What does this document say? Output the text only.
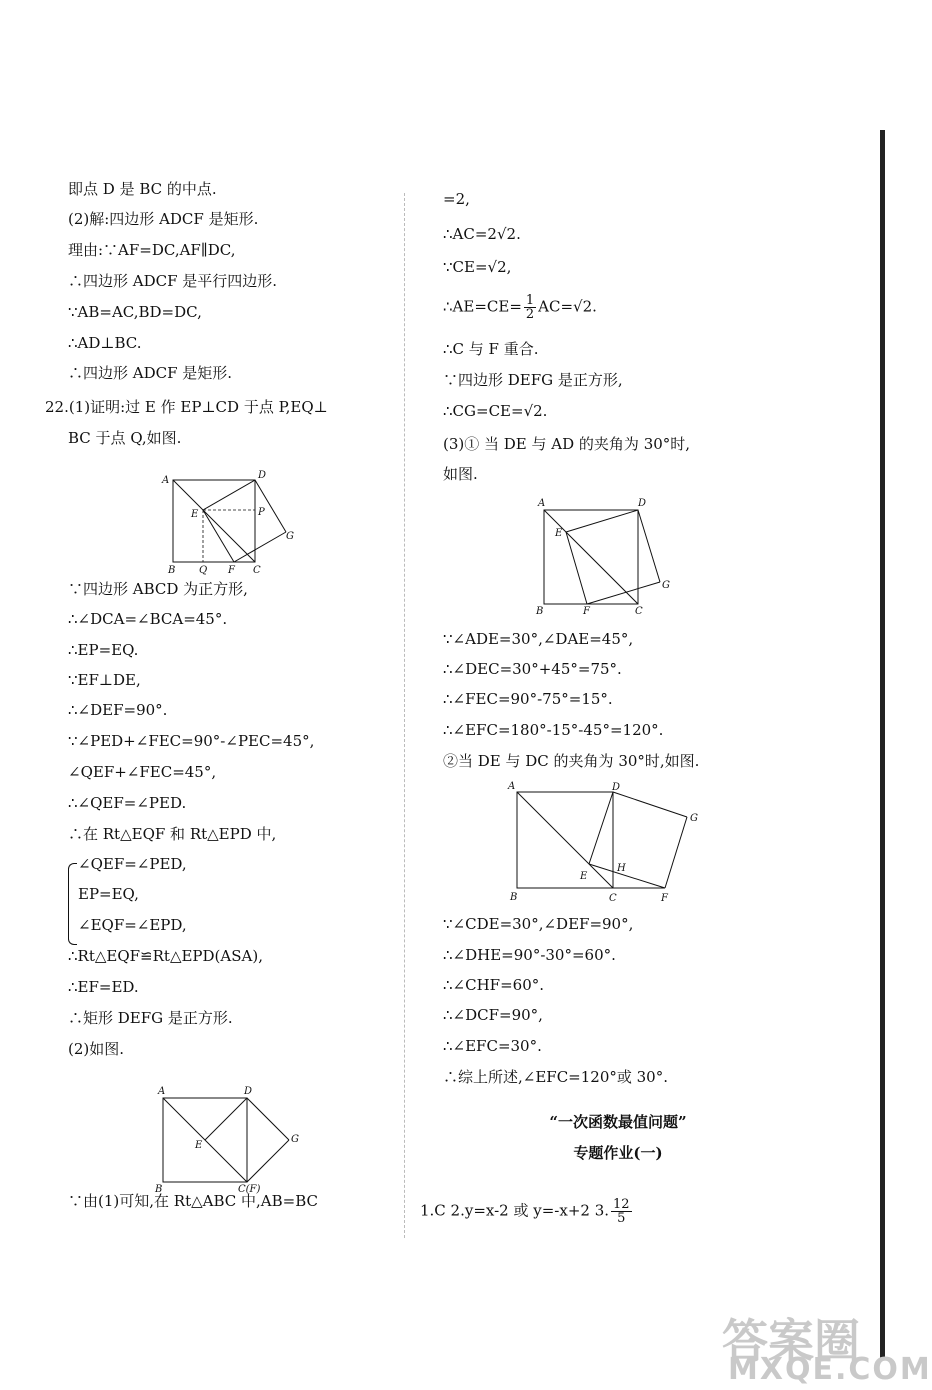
即点 D 是 BC 的中点.
(2)解:四边形 ADCF 是矩形.
理由:∵AF=DC,AF∥DC,
∴四边形 ADCF 是平行四边形.
∵AB=AC,BD=DC,
∴AD⊥BC.
∴四边形 ADCF 是矩形.
22.(1)证明:过 E 作 EP⊥CD 于点 P,EQ⊥
BC 于点 Q,如图.
∵四边形 ABCD 为正方形,
∴∠DCA=∠BCA=45°.
∴EP=EQ.
∵EF⊥DE,
∴∠DEF=90°.
∵∠PED+∠FEC=90°-∠PEC=45°,
∠QEF+∠FEC=45°,
∴∠QEF=∠PED.
∴在 Rt△EQF 和 Rt△EPD 中,
∠QEF=∠PED,
EP=EQ,
∠EQF=∠EPD,
∴Rt△EQF≌Rt△EPD(ASA),
∴EF=ED.
∴矩形 DEFG 是正方形.
(2)如图.
∵由(1)可知,在 Rt△ABC 中,AB=BC
∴AE=CE= $\frac{1}{2} AC=√2$.
“一次函数最值问题”
专题作业(一)
=2,
∴AC=2√2.
∵CE=√2,
∴C 与 F 重合.
∵四边形 DEFG 是正方形,
∴CG=CE=√2.
(3)① 当 DE 与 AD 的夹角为 30°时,
如图.
∵∠ADE=30°,∠DAE=45°,
∴∠DEC=30°+45°=75°.
∴∠FEC=90°-75°=15°.
∴∠EFC=180°-15°-45°=120°.
②当 DE 与 DC 的夹角为 30°时,如图.
∵∠CDE=30°,∠DEF=90°,
∴∠DHE=90°-30°=60°.
∴∠CHF=60°.
∴∠DCF=90°,
∴∠EFC=30°.
∴综上所述,∠EFC=120°或 30°.
1.C 2.y=x-2 或 y=-x+2 3. $\frac{12}{5}$
A	D
E	P
G
B Q F C
A	D
E
G
B	C(F)
A	D
E
G
B	F	C
A	D
G
H
E
B	C	F
答案圈
MXQE.COM
